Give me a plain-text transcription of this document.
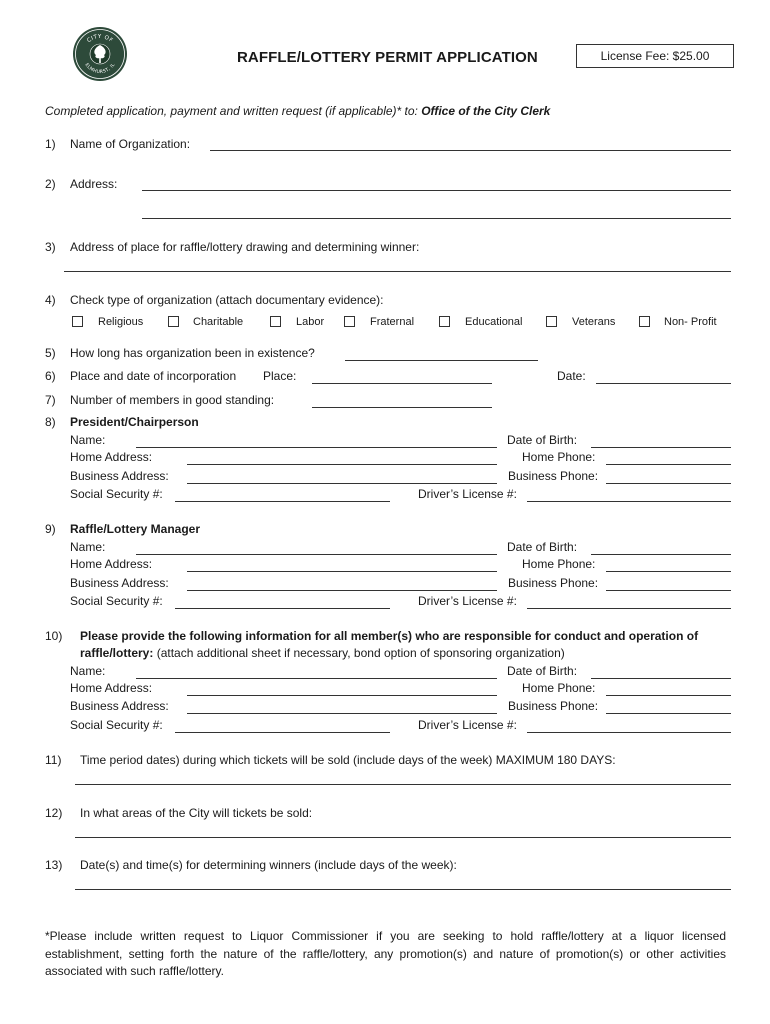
CITY OF
ELMHURST, IL	RAFFLE/LOTTERY PERMIT APPLICATION	License Fee: $25.00
Completed application, payment and written request (if applicable)* to: Office of the City Clerk
1) Name of Organization:
2) Address:
3) Address of place for raffle/lottery drawing and determining winner:
4) Check type of organization (attach documentary evidence):
Religious	Charitable	Labor	Fraternal	Educational	Veterans	Non- Profit
5) How long has organization been in existence?
6) Place and date of incorporation Place:	Date:
7) Number of members in good standing:
8) President/Chairperson
Name:	Date of Birth:
Home Address:	Home Phone:
Business Address:	Business Phone:
Social Security #:	Driver’s License #:
9) Raffle/Lottery Manager
Name:	Date of Birth:
Home Address:	Home Phone:
Business Address:	Business Phone:
Social Security #:	Driver’s License #:
10) Please provide the following information for all member(s) who are responsible for conduct and operation of
raffle/lottery: (attach additional sheet if necessary, bond option of sponsoring organization)
Name:	Date of Birth:
Home Address:	Home Phone:
Business Address:	Business Phone:
Social Security #:	Driver’s License #:
11) Time period dates) during which tickets will be sold (include days of the week) MAXIMUM 180 DAYS:
12) In what areas of the City will tickets be sold:
13) Date(s) and time(s) for determining winners (include days of the week):
*Please include written request to Liquor Commissioner if you are seeking to hold raffle/lottery at a liquor licensed establishment, setting forth the nature of the raffle/lottery, any promotion(s) and nature of promotion(s) or other activities associated with such raffle/lottery.
